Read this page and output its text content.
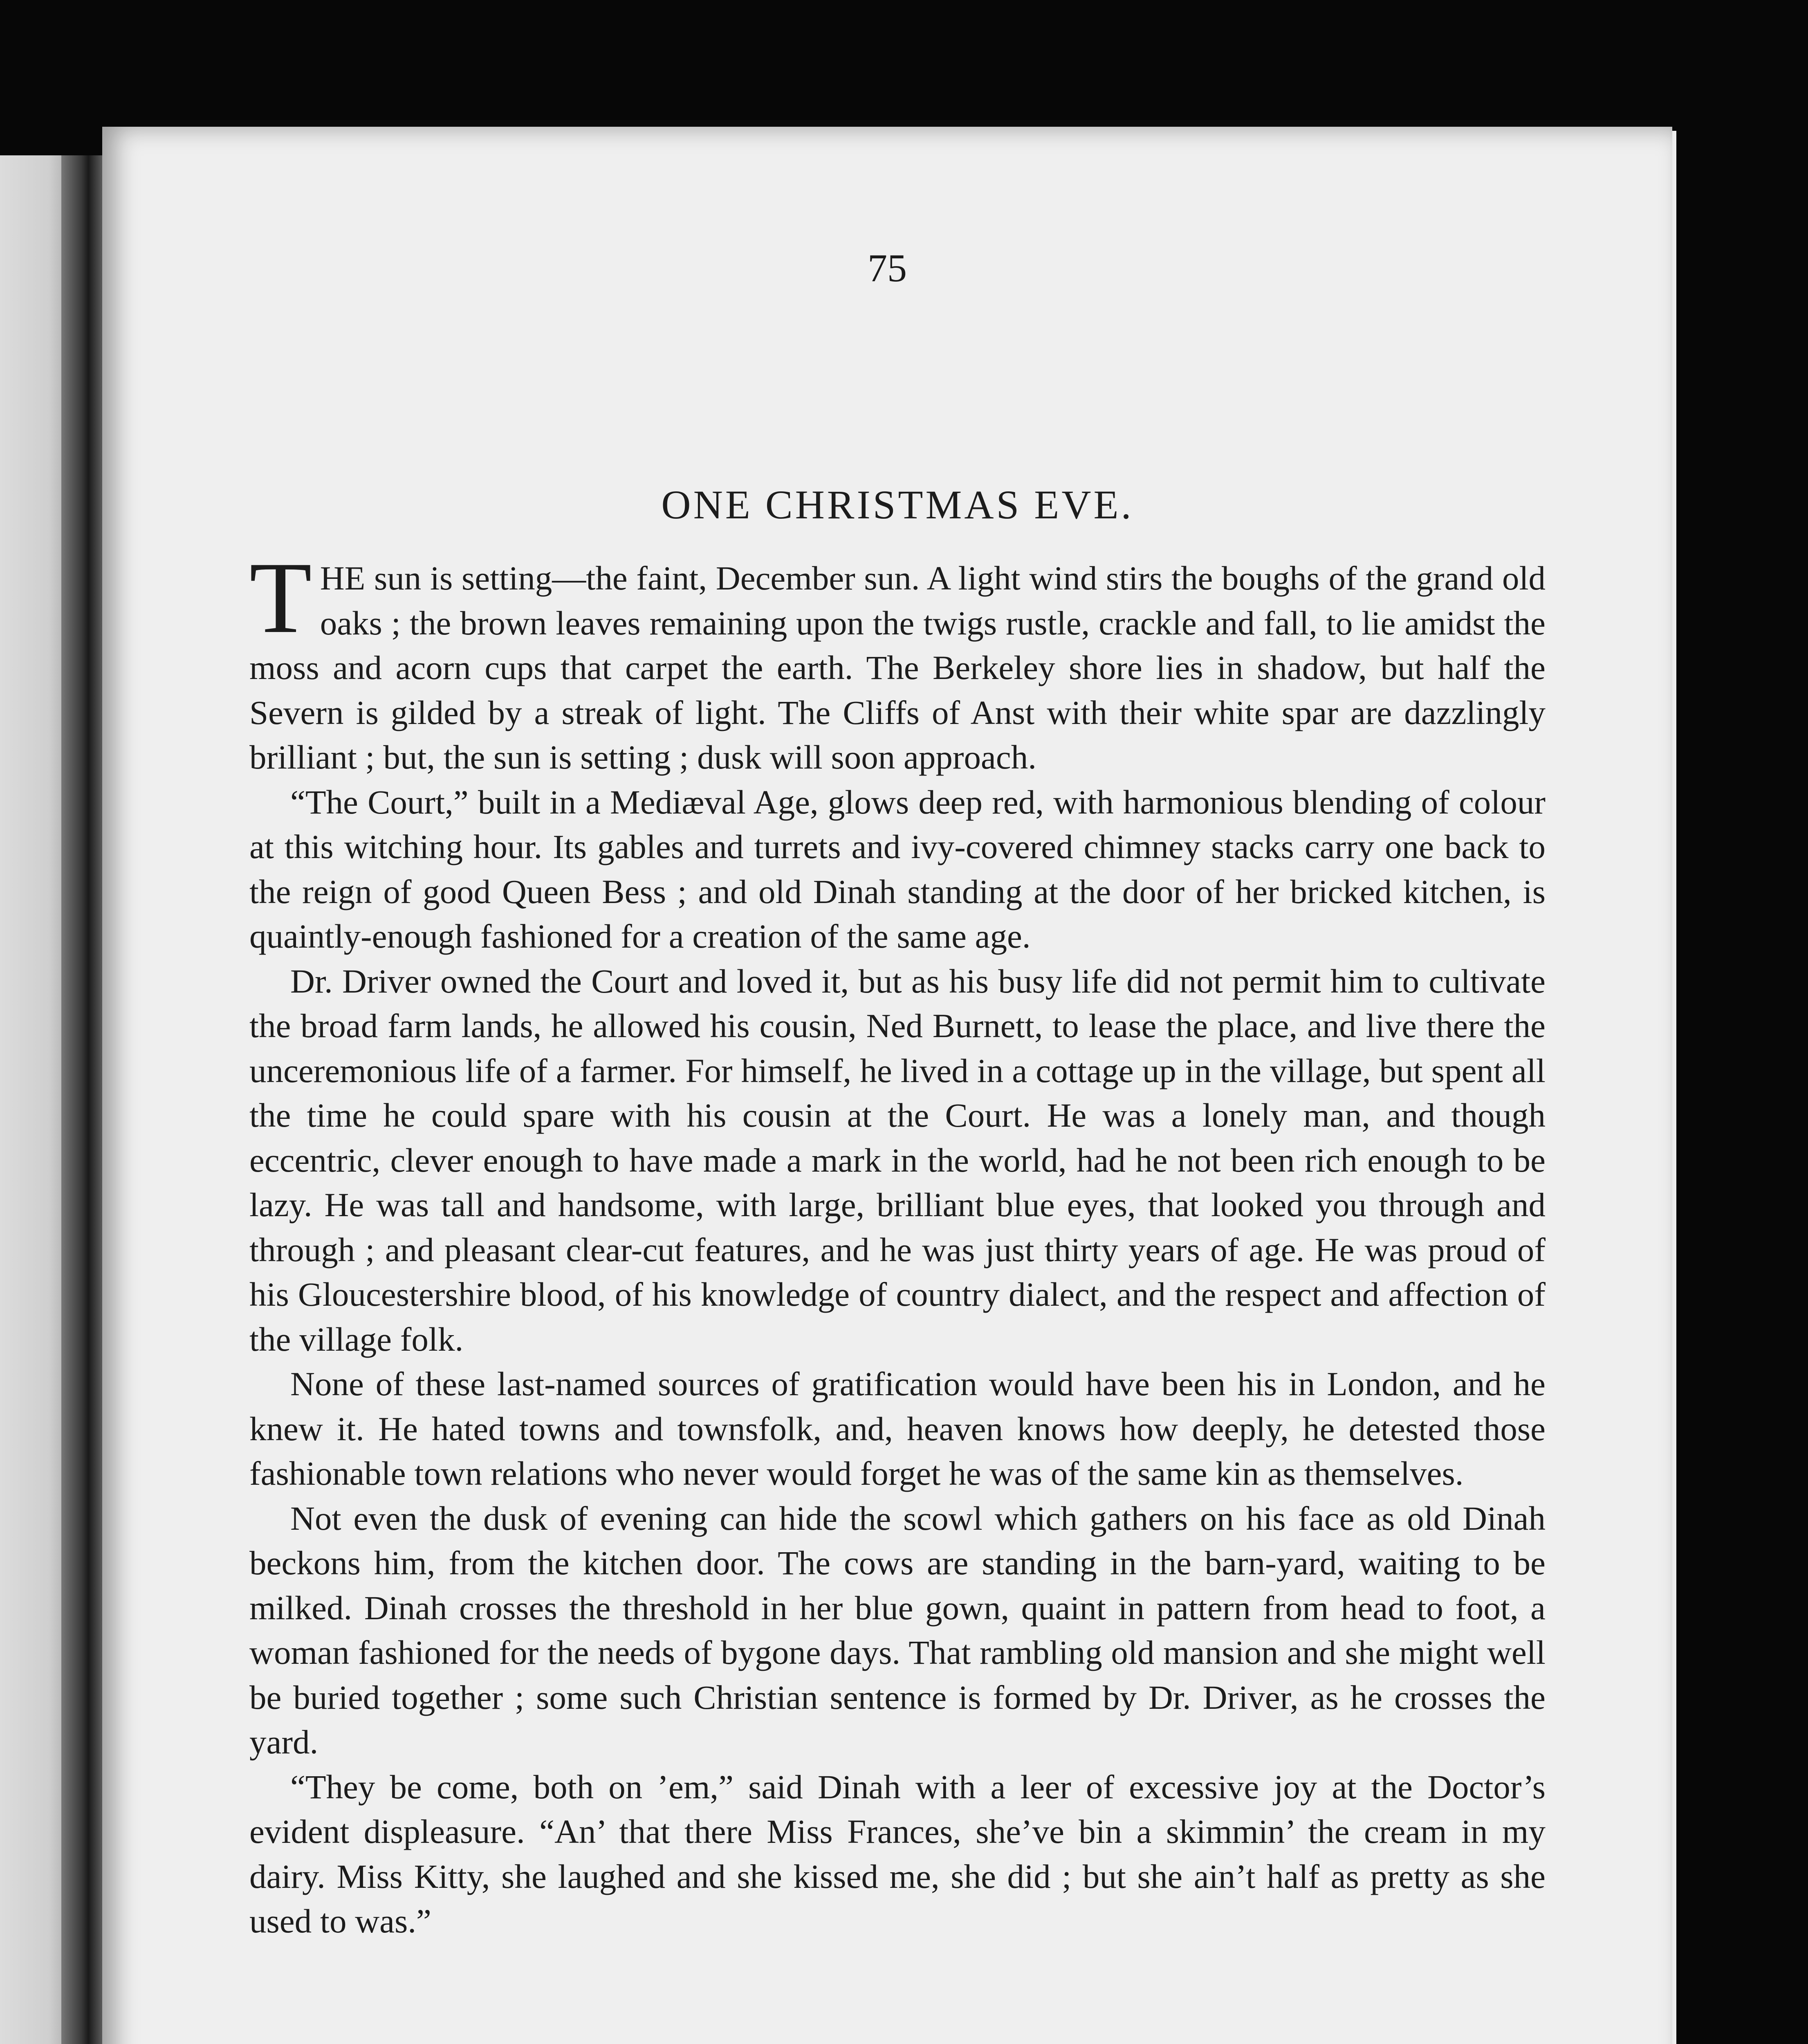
75

ONE CHRISTMAS EVE.

THE sun is setting—the faint, December sun. A light wind stirs the boughs of the grand old oaks ; the brown leaves remaining upon the twigs rustle, crackle and fall, to lie amidst the moss and acorn cups that carpet the earth. The Berkeley shore lies in shadow, but half the Severn is gilded by a streak of light. The Cliffs of Anst with their white spar are dazzlingly brilliant ; but, the sun is setting ; dusk will soon approach.

“The Court,” built in a Mediæval Age, glows deep red, with harmonious blending of colour at this witching hour. Its gables and turrets and ivy-covered chimney stacks carry one back to the reign of good Queen Bess ; and old Dinah standing at the door of her bricked kitchen, is quaintly-enough fashioned for a creation of the same age.

Dr. Driver owned the Court and loved it, but as his busy life did not permit him to cultivate the broad farm lands, he allowed his cousin, Ned Burnett, to lease the place, and live there the unceremonious life of a farmer. For himself, he lived in a cottage up in the village, but spent all the time he could spare with his cousin at the Court. He was a lonely man, and though eccentric, clever enough to have made a mark in the world, had he not been rich enough to be lazy. He was tall and handsome, with large, brilliant blue eyes, that looked you through and through ; and pleasant clear-cut features, and he was just thirty years of age. He was proud of his Gloucestershire blood, of his knowledge of country dialect, and the respect and affection of the village folk.

None of these last-named sources of gratification would have been his in London, and he knew it. He hated towns and townsfolk, and, heaven knows how deeply, he detested those fashionable town relations who never would forget he was of the same kin as themselves.

Not even the dusk of evening can hide the scowl which gathers on his face as old Dinah beckons him, from the kitchen door. The cows are standing in the barn-yard, waiting to be milked. Dinah crosses the threshold in her blue gown, quaint in pattern from head to foot, a woman fashioned for the needs of bygone days. That rambling old mansion and she might well be buried together ; some such Christian sentence is formed by Dr. Driver, as he crosses the yard.

“They be come, both on ’em,” said Dinah with a leer of excessive joy at the Doctor’s evident displeasure. “An’ that there Miss Frances, she’ve bin a skimmin’ the cream in my dairy. Miss Kitty, she laughed and she kissed me, she did ; but she ain’t half as pretty as she used to was.”
